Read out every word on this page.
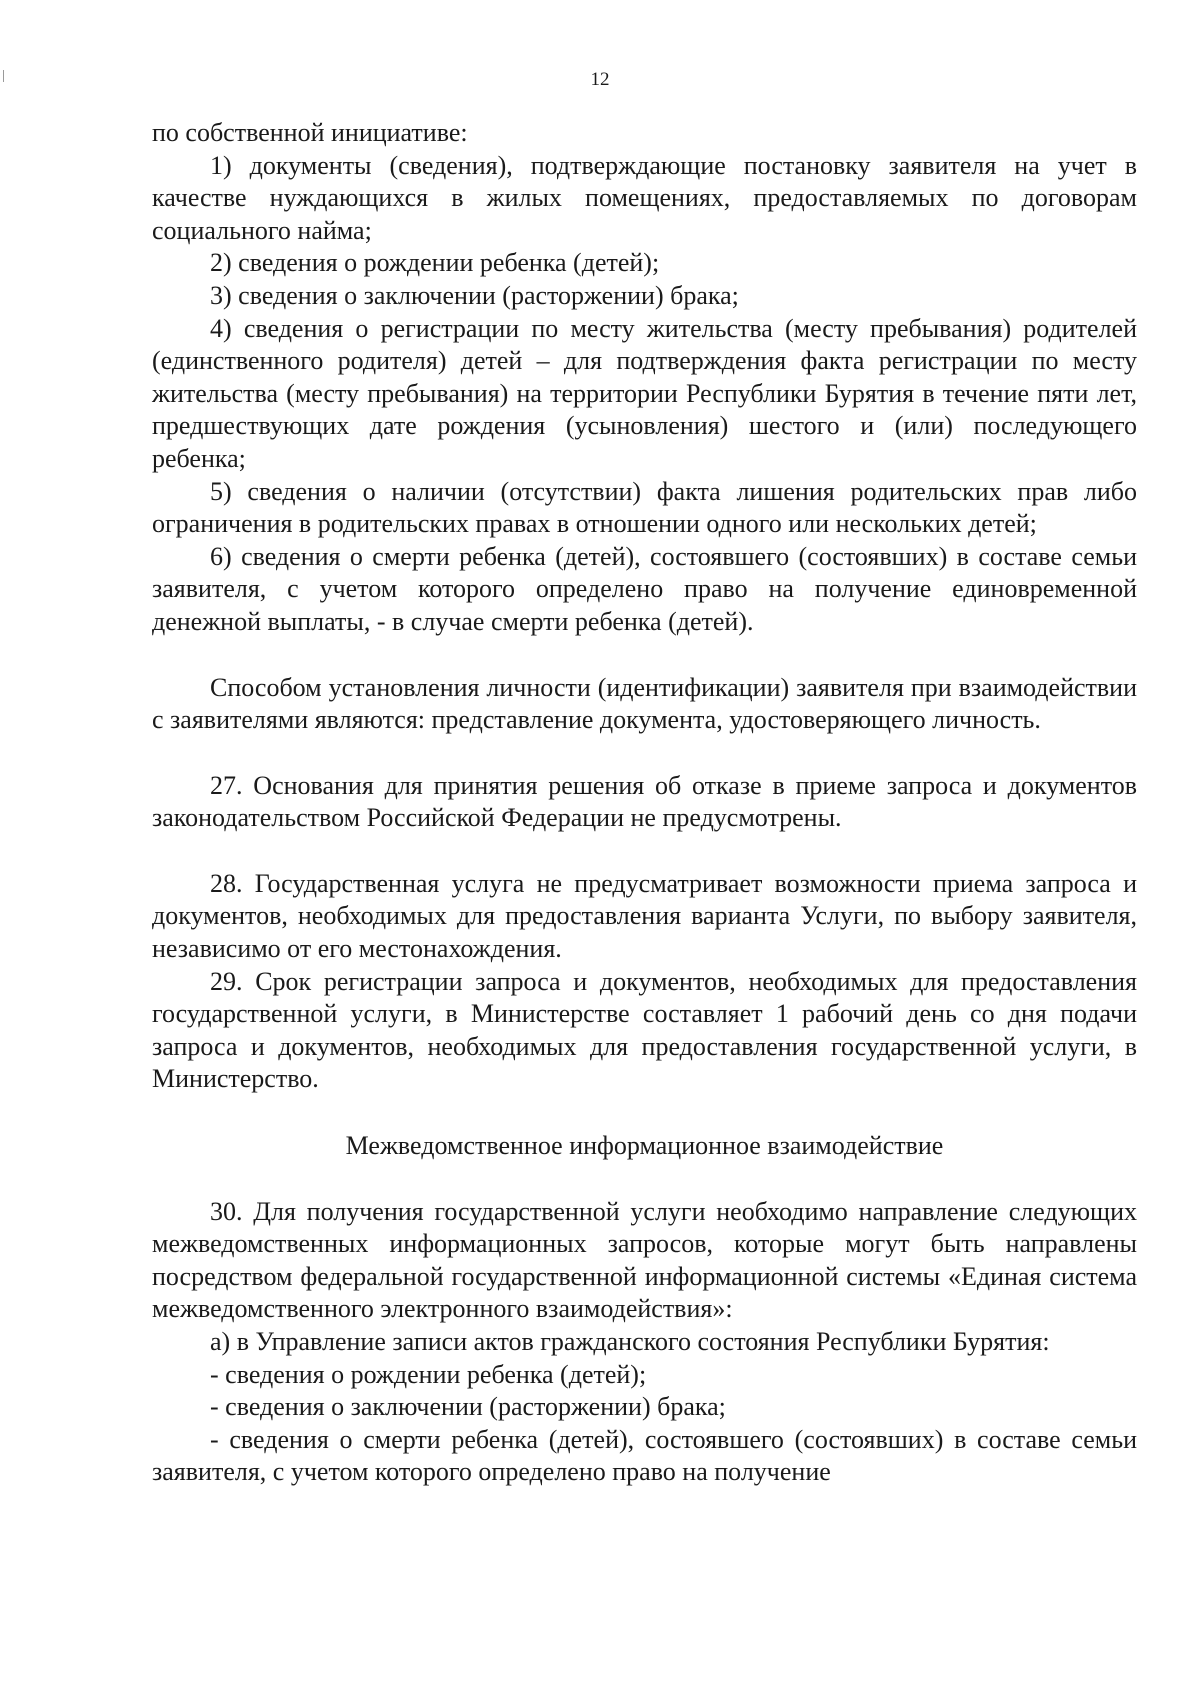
12

по собственной инициативе:

1) документы (сведения), подтверждающие постановку заявителя на учет в качестве нуждающихся в жилых помещениях, предоставляемых по договорам социального найма;

2) сведения о рождении ребенка (детей);

3) сведения о заключении (расторжении) брака;

4) сведения о регистрации по месту жительства (месту пребывания) родителей (единственного родителя) детей – для подтверждения факта регистрации по месту жительства (месту пребывания) на территории Республики Бурятия в течение пяти лет, предшествующих дате рождения (усыновления) шестого и (или) последующего ребенка;

5) сведения о наличии (отсутствии) факта лишения родительских прав либо ограничения в родительских правах в отношении одного или нескольких детей;

6) сведения о смерти ребенка (детей), состоявшего (состоявших) в составе семьи заявителя, с учетом которого определено право на получение единовременной денежной выплаты, - в случае смерти ребенка (детей).

Способом установления личности (идентификации) заявителя при взаимодействии с заявителями являются: представление документа, удостоверяющего личность.

27. Основания для принятия решения об отказе в приеме запроса и документов законодательством Российской Федерации не предусмотрены.

28. Государственная услуга не предусматривает возможности приема запроса и документов, необходимых для предоставления варианта Услуги, по выбору заявителя, независимо от его местонахождения.

29. Срок регистрации запроса и документов, необходимых для предоставления государственной услуги, в Министерстве составляет 1 рабочий день со дня подачи запроса и документов, необходимых для предоставления государственной услуги, в Министерство.

Межведомственное информационное взаимодействие

30. Для получения государственной услуги необходимо направление следующих межведомственных информационных запросов, которые могут быть направлены посредством федеральной государственной информационной системы «Единая система межведомственного электронного взаимодействия»:

а) в Управление записи актов гражданского состояния Республики Бурятия:

- сведения о рождении ребенка (детей);

- сведения о заключении (расторжении) брака;

- сведения о смерти ребенка (детей), состоявшего (состоявших) в составе семьи заявителя, с учетом которого определено право на получение
